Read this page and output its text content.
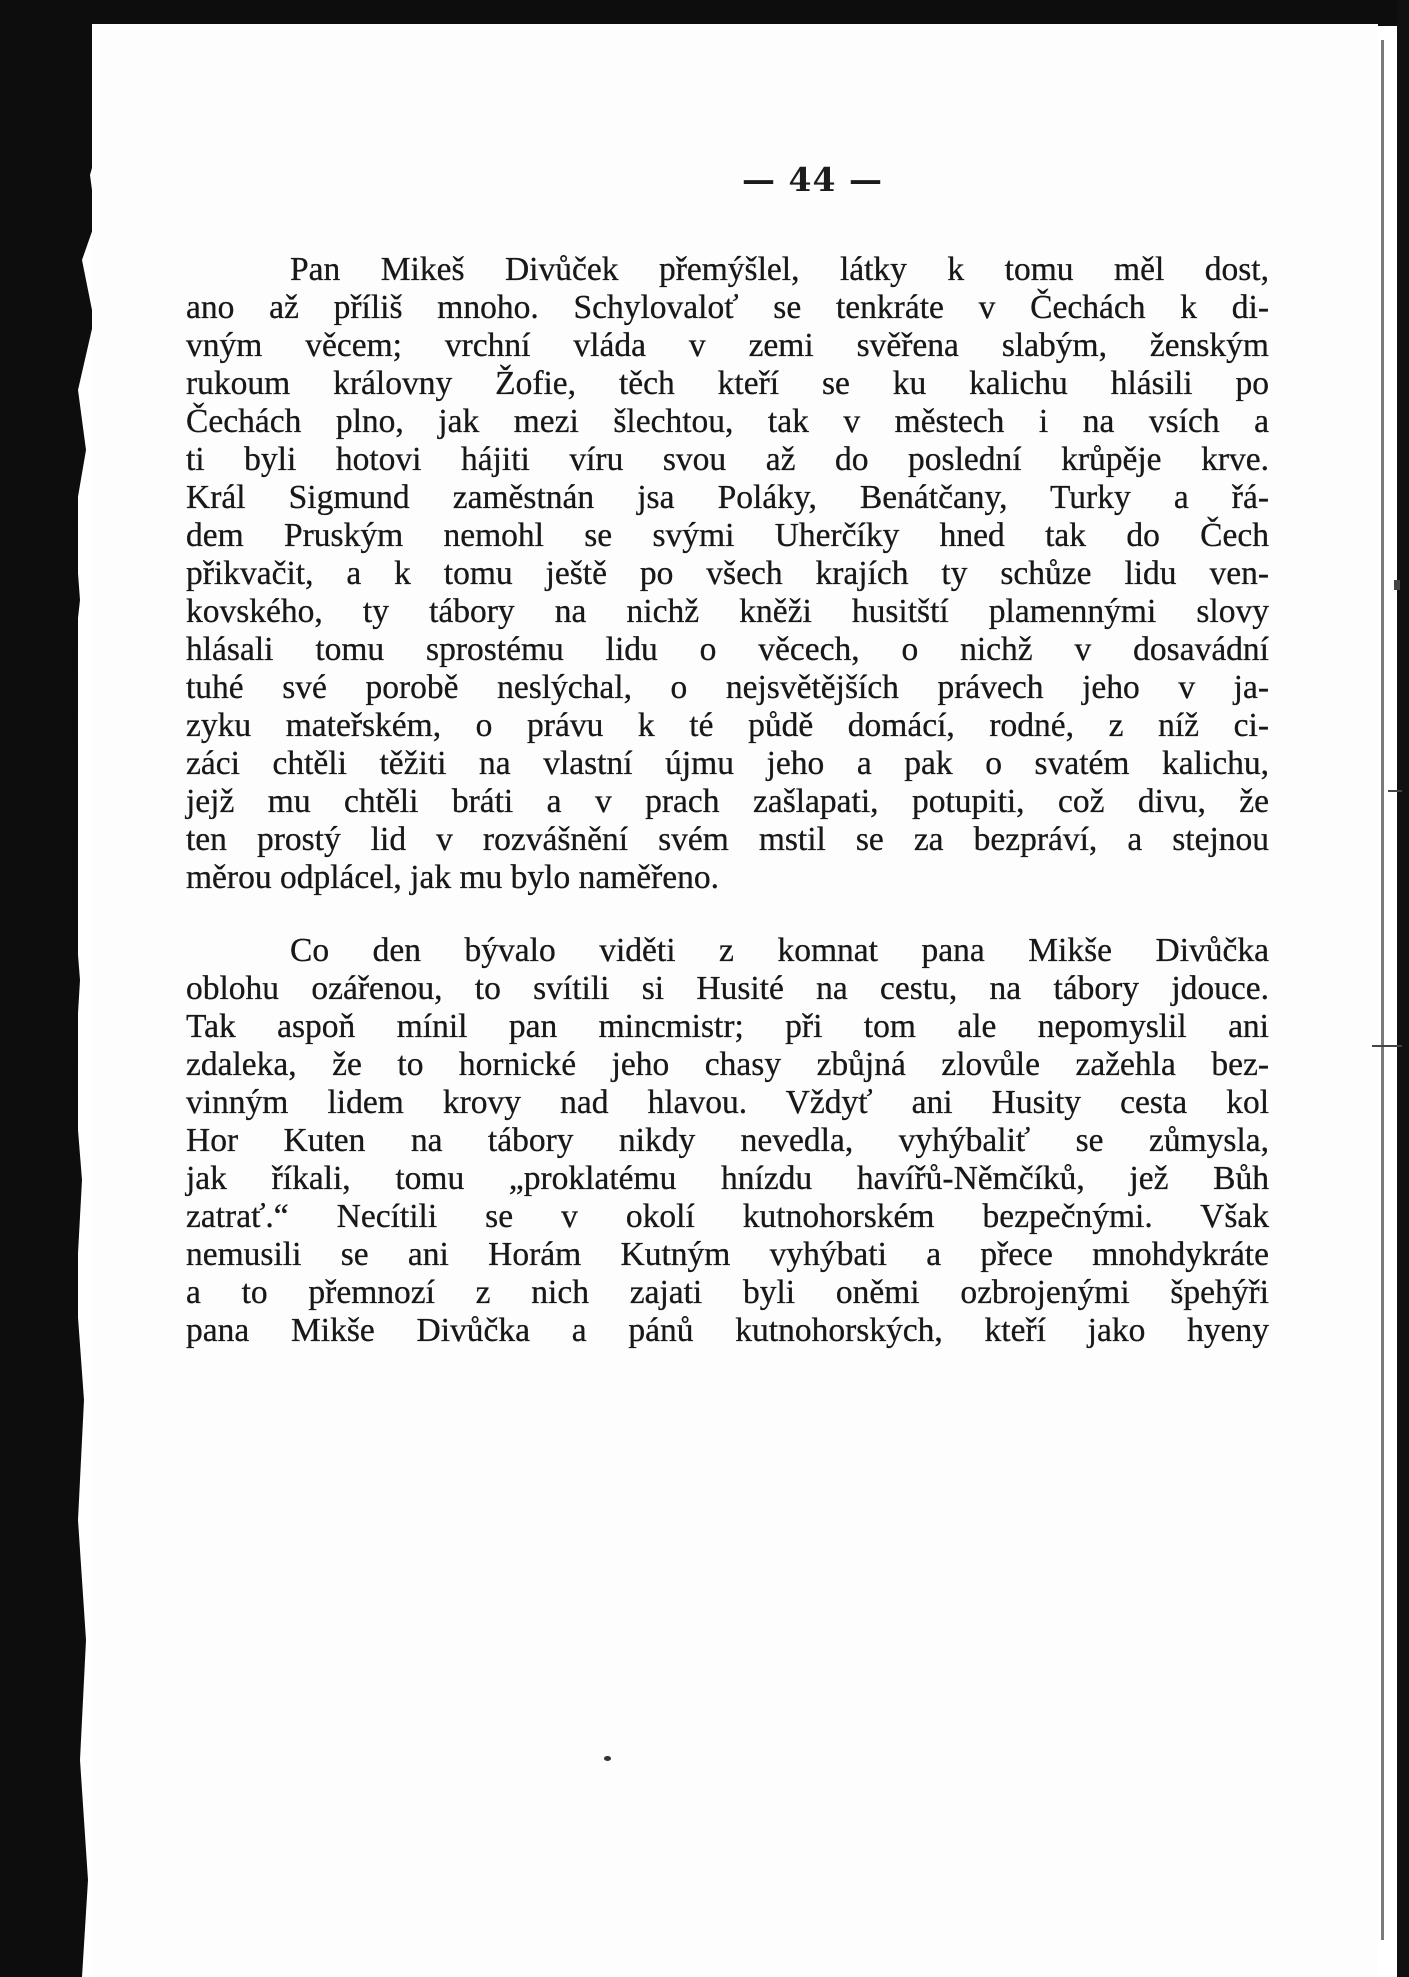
— 44 —
Pan Mikeš Divůček přemýšlel, látky k tomu měl dost,
ano až příliš mnoho. Schylovaloť se tenkráte v Čechách k di-
vným věcem; vrchní vláda v zemi svěřena slabým, ženským
rukoum královny Žofie, těch kteří se ku kalichu hlásili po
Čechách plno, jak mezi šlechtou, tak v městech i na vsích a
ti byli hotovi hájiti víru svou až do poslední krůpěje krve.
Král Sigmund zaměstnán jsa Poláky, Benátčany, Turky a řá-
dem Pruským nemohl se svými Uherčíky hned tak do Čech
přikvačit, a k tomu ještě po všech krajích ty schůze lidu ven-
kovského, ty tábory na nichž kněži husitští plamennými slovy
hlásali tomu sprostému lidu o věcech, o nichž v dosavádní
tuhé své porobě neslýchal, o nejsvětějších právech jeho v ja-
zyku mateřském, o právu k té půdě domácí, rodné, z níž ci-
záci chtěli těžiti na vlastní újmu jeho a pak o svatém kalichu,
jejž mu chtěli bráti a v prach zašlapati, potupiti, což divu, že
ten prostý lid v rozvášnění svém mstil se za bezpráví, a stejnou
měrou odplácel, jak mu bylo naměřeno.
Co den bývalo viděti z komnat pana Mikše Divůčka
oblohu ozářenou, to svítili si Husité na cestu, na tábory jdouce.
Tak aspoň mínil pan mincmistr; při tom ale nepomyslil ani
zdaleka, že to hornické jeho chasy zbůjná zlovůle zažehla bez-
vinným lidem krovy nad hlavou. Vždyť ani Husity cesta kol
Hor Kuten na tábory nikdy nevedla, vyhýbaliť se zůmysla,
jak říkali, tomu „proklatému hnízdu havířů-Němčíků, jež Bůh
zatrať.“ Necítili se v okolí kutnohorském bezpečnými. Však
nemusili se ani Horám Kutným vyhýbati a přece mnohdykráte
a to přemnozí z nich zajati byli oněmi ozbrojenými špehýři
pana Mikše Divůčka a pánů kutnohorských, kteří jako hyeny
